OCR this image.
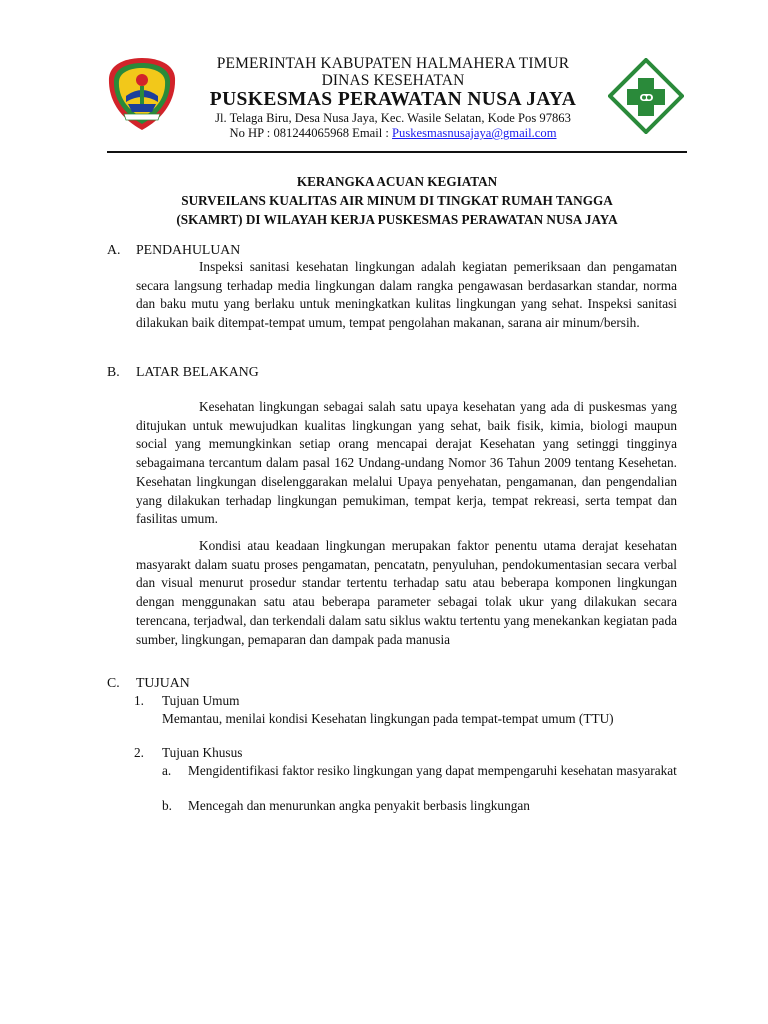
PEMERINTAH KABUPATEN HALMAHERA TIMUR
DINAS KESEHATAN
PUSKESMAS PERAWATAN NUSA JAYA
Jl. Telaga Biru, Desa Nusa Jaya, Kec. Wasile Selatan, Kode Pos 97863
No HP : 081244065968 Email : Puskesmasnusajaya@gmail.com
KERANGKA ACUAN KEGIATAN
SURVEILANS KUALITAS AIR MINUM DI TINGKAT RUMAH TANGGA
(SKAMRT) DI WILAYAH KERJA PUSKESMAS PERAWATAN NUSA JAYA
A. PENDAHULUAN
Inspeksi sanitasi kesehatan lingkungan adalah kegiatan pemeriksaan dan pengamatan secara langsung terhadap media lingkungan dalam rangka pengawasan berdasarkan standar, norma dan baku mutu yang berlaku untuk meningkatkan kulitas lingkungan yang sehat. Inspeksi sanitasi dilakukan baik ditempat-tempat umum, tempat pengolahan makanan, sarana air minum/bersih.
B. LATAR BELAKANG
Kesehatan lingkungan sebagai salah satu upaya kesehatan yang ada di puskesmas yang ditujukan untuk mewujudkan kualitas lingkungan yang sehat, baik fisik, kimia, biologi maupun social yang memungkinkan setiap orang mencapai derajat Kesehatan yang setinggi tingginya sebagaimana tercantum dalam pasal 162 Undang-undang Nomor 36 Tahun 2009 tentang Kesehetan. Kesehatan lingkungan diselenggarakan melalui Upaya penyehatan, pengamanan, dan pengendalian yang dilakukan terhadap lingkungan pemukiman, tempat kerja, tempat rekreasi, serta tempat dan fasilitas umum.
Kondisi atau keadaan lingkungan merupakan faktor penentu utama derajat kesehatan masyarakt dalam suatu proses pengamatan, pencatatn, penyuluhan, pendokumentasian secara verbal dan visual menurut prosedur standar tertentu terhadap satu atau beberapa komponen lingkungan dengan menggunakan satu atau beberapa parameter sebagai tolak ukur yang dilakukan secara terencana, terjadwal, dan terkendali dalam satu siklus waktu tertentu yang menekankan kegiatan pada sumber, lingkungan, pemaparan dan dampak pada manusia
C. TUJUAN
1. Tujuan Umum
Memantau, menilai kondisi Kesehatan lingkungan pada tempat-tempat umum (TTU)
2. Tujuan Khusus
a. Mengidentifikasi faktor resiko lingkungan yang dapat mempengaruhi kesehatan masyarakat
b. Mencegah dan menurunkan angka penyakit berbasis lingkungan
